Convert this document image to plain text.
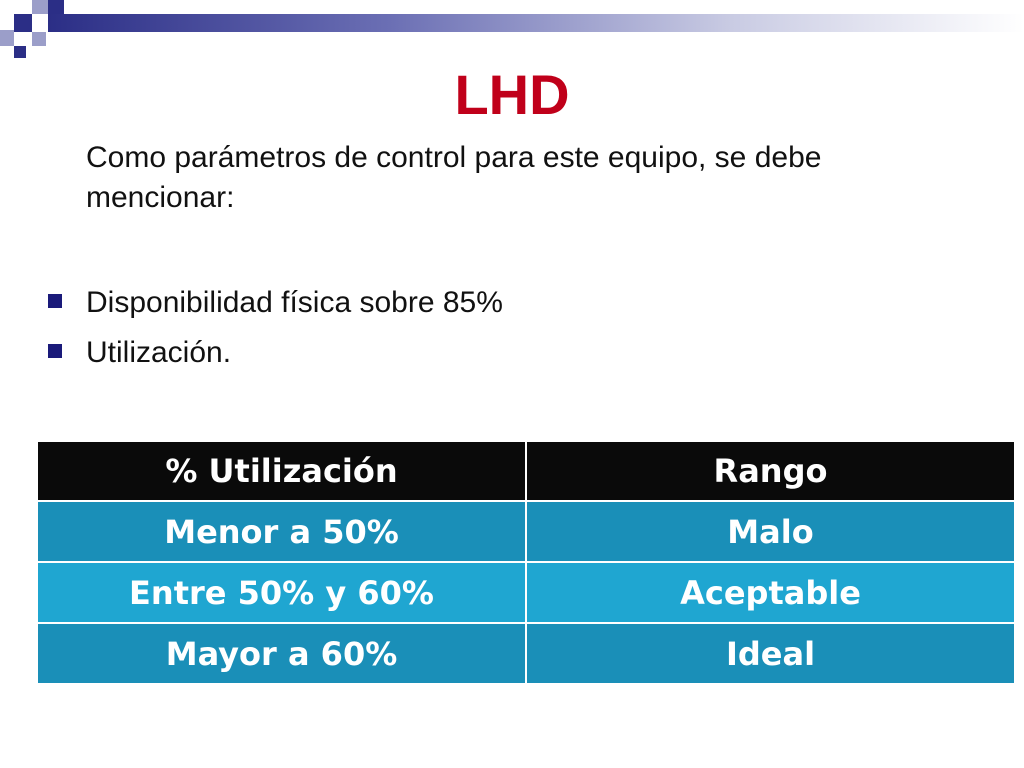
LHD
Como parámetros de control para este equipo, se debe mencionar:
Disponibilidad física sobre 85%
Utilización.
% Utilización	Rango
Menor a 50%	Malo
Entre 50% y 60%	Aceptable
Mayor a 60%	Ideal
